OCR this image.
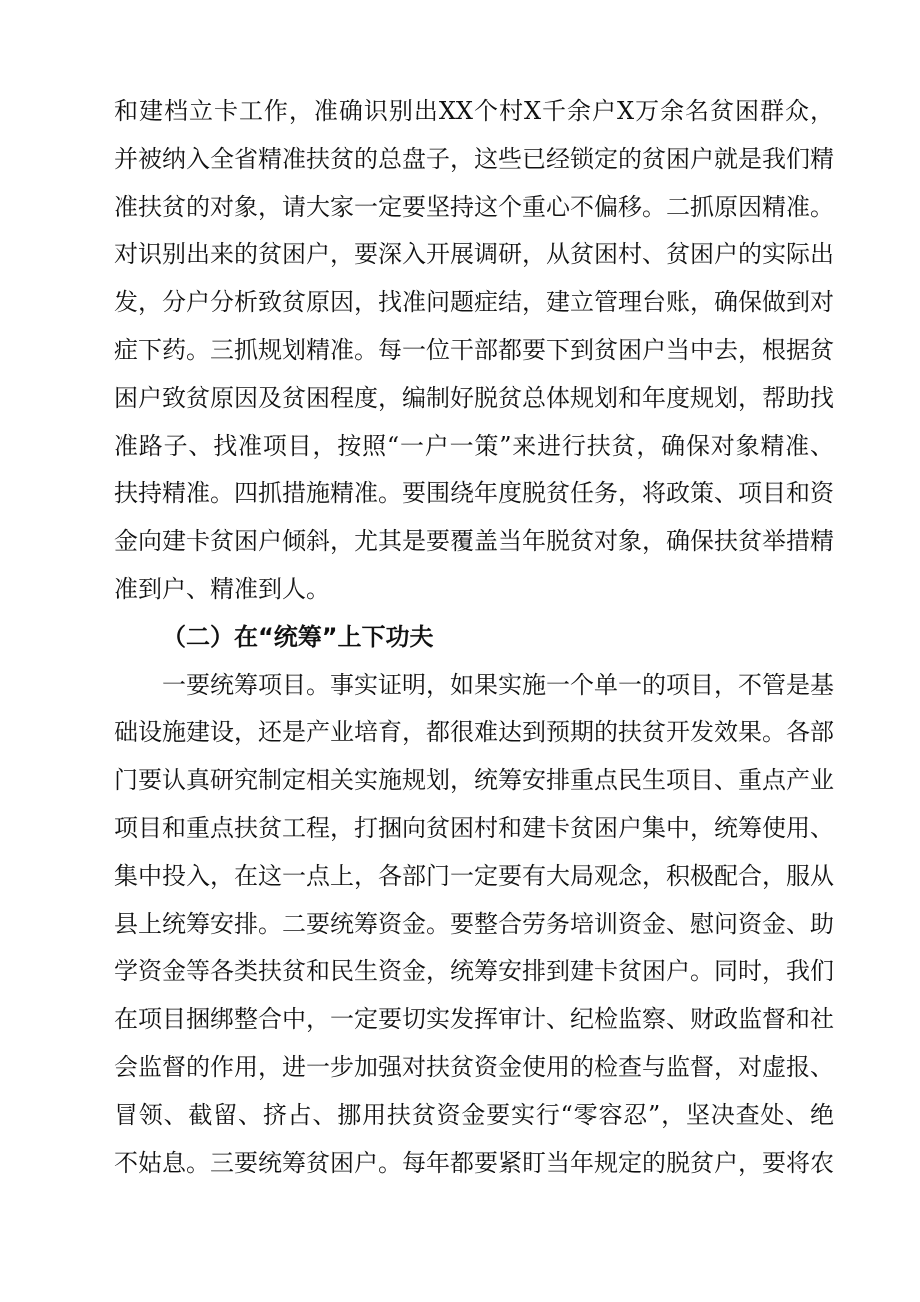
和建档立卡工作，准确识别出XX个村X千余户X万余名贫困群众，
并被纳入全省精准扶贫的总盘子，这些已经锁定的贫困户就是我们精
准扶贫的对象，请大家一定要坚持这个重心不偏移。二抓原因精准。
对识别出来的贫困户，要深入开展调研，从贫困村、贫困户的实际出
发，分户分析致贫原因，找准问题症结，建立管理台账，确保做到对
症下药。三抓规划精准。每一位干部都要下到贫困户当中去，根据贫
困户致贫原因及贫困程度，编制好脱贫总体规划和年度规划，帮助找
准路子、找准项目，按照“一户一策”来进行扶贫，确保对象精准、
扶持精准。四抓措施精准。要围绕年度脱贫任务，将政策、项目和资
金向建卡贫困户倾斜，尤其是要覆盖当年脱贫对象，确保扶贫举措精
准到户、精准到人。
（二）在“统筹”上下功夫
一要统筹项目。事实证明，如果实施一个单一的项目，不管是基
础设施建设，还是产业培育，都很难达到预期的扶贫开发效果。各部
门要认真研究制定相关实施规划，统筹安排重点民生项目、重点产业
项目和重点扶贫工程，打捆向贫困村和建卡贫困户集中，统筹使用、
集中投入，在这一点上，各部门一定要有大局观念，积极配合，服从
县上统筹安排。二要统筹资金。要整合劳务培训资金、慰问资金、助
学资金等各类扶贫和民生资金，统筹安排到建卡贫困户。同时，我们
在项目捆绑整合中，一定要切实发挥审计、纪检监察、财政监督和社
会监督的作用，进一步加强对扶贫资金使用的检查与监督，对虚报、
冒领、截留、挤占、挪用扶贫资金要实行“零容忍”，坚决查处、绝
不姑息。三要统筹贫困户。每年都要紧盯当年规定的脱贫户，要将农
